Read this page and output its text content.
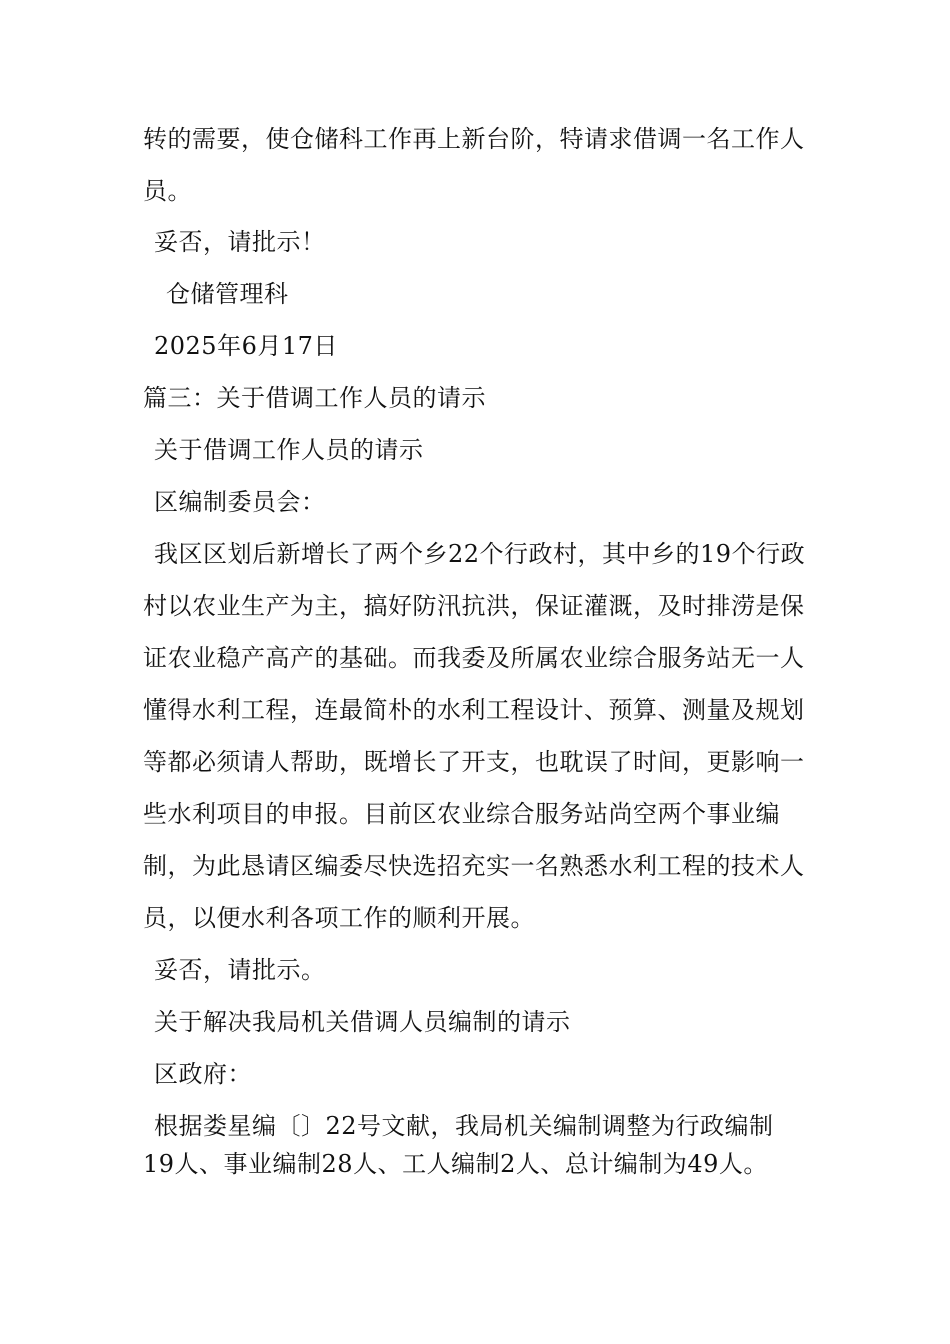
转的需要，使仓储科工作再上新台阶，特请求借调一名工作人
员。
妥否，请批示！
仓储管理科
2025年6月17日
篇三：关于借调工作人员的请示
关于借调工作人员的请示
区编制委员会：
我区区划后新增长了两个乡22个行政村，其中乡的19个行政
村以农业生产为主，搞好防汛抗洪，保证灌溉，及时排涝是保
证农业稳产高产的基础。而我委及所属农业综合服务站无一人
懂得水利工程，连最简朴的水利工程设计、预算、测量及规划
等都必须请人帮助，既增长了开支，也耽误了时间，更影响一
些水利项目的申报。目前区农业综合服务站尚空两个事业编
制，为此恳请区编委尽快选招充实一名熟悉水利工程的技术人
员，以便水利各项工作的顺利开展。
妥否，请批示。
关于解决我局机关借调人员编制的请示
区政府：
根据娄星编〔〕22号文献，我局机关编制调整为行政编制
19人、事业编制28人、工人编制2人、总计编制为49人。
